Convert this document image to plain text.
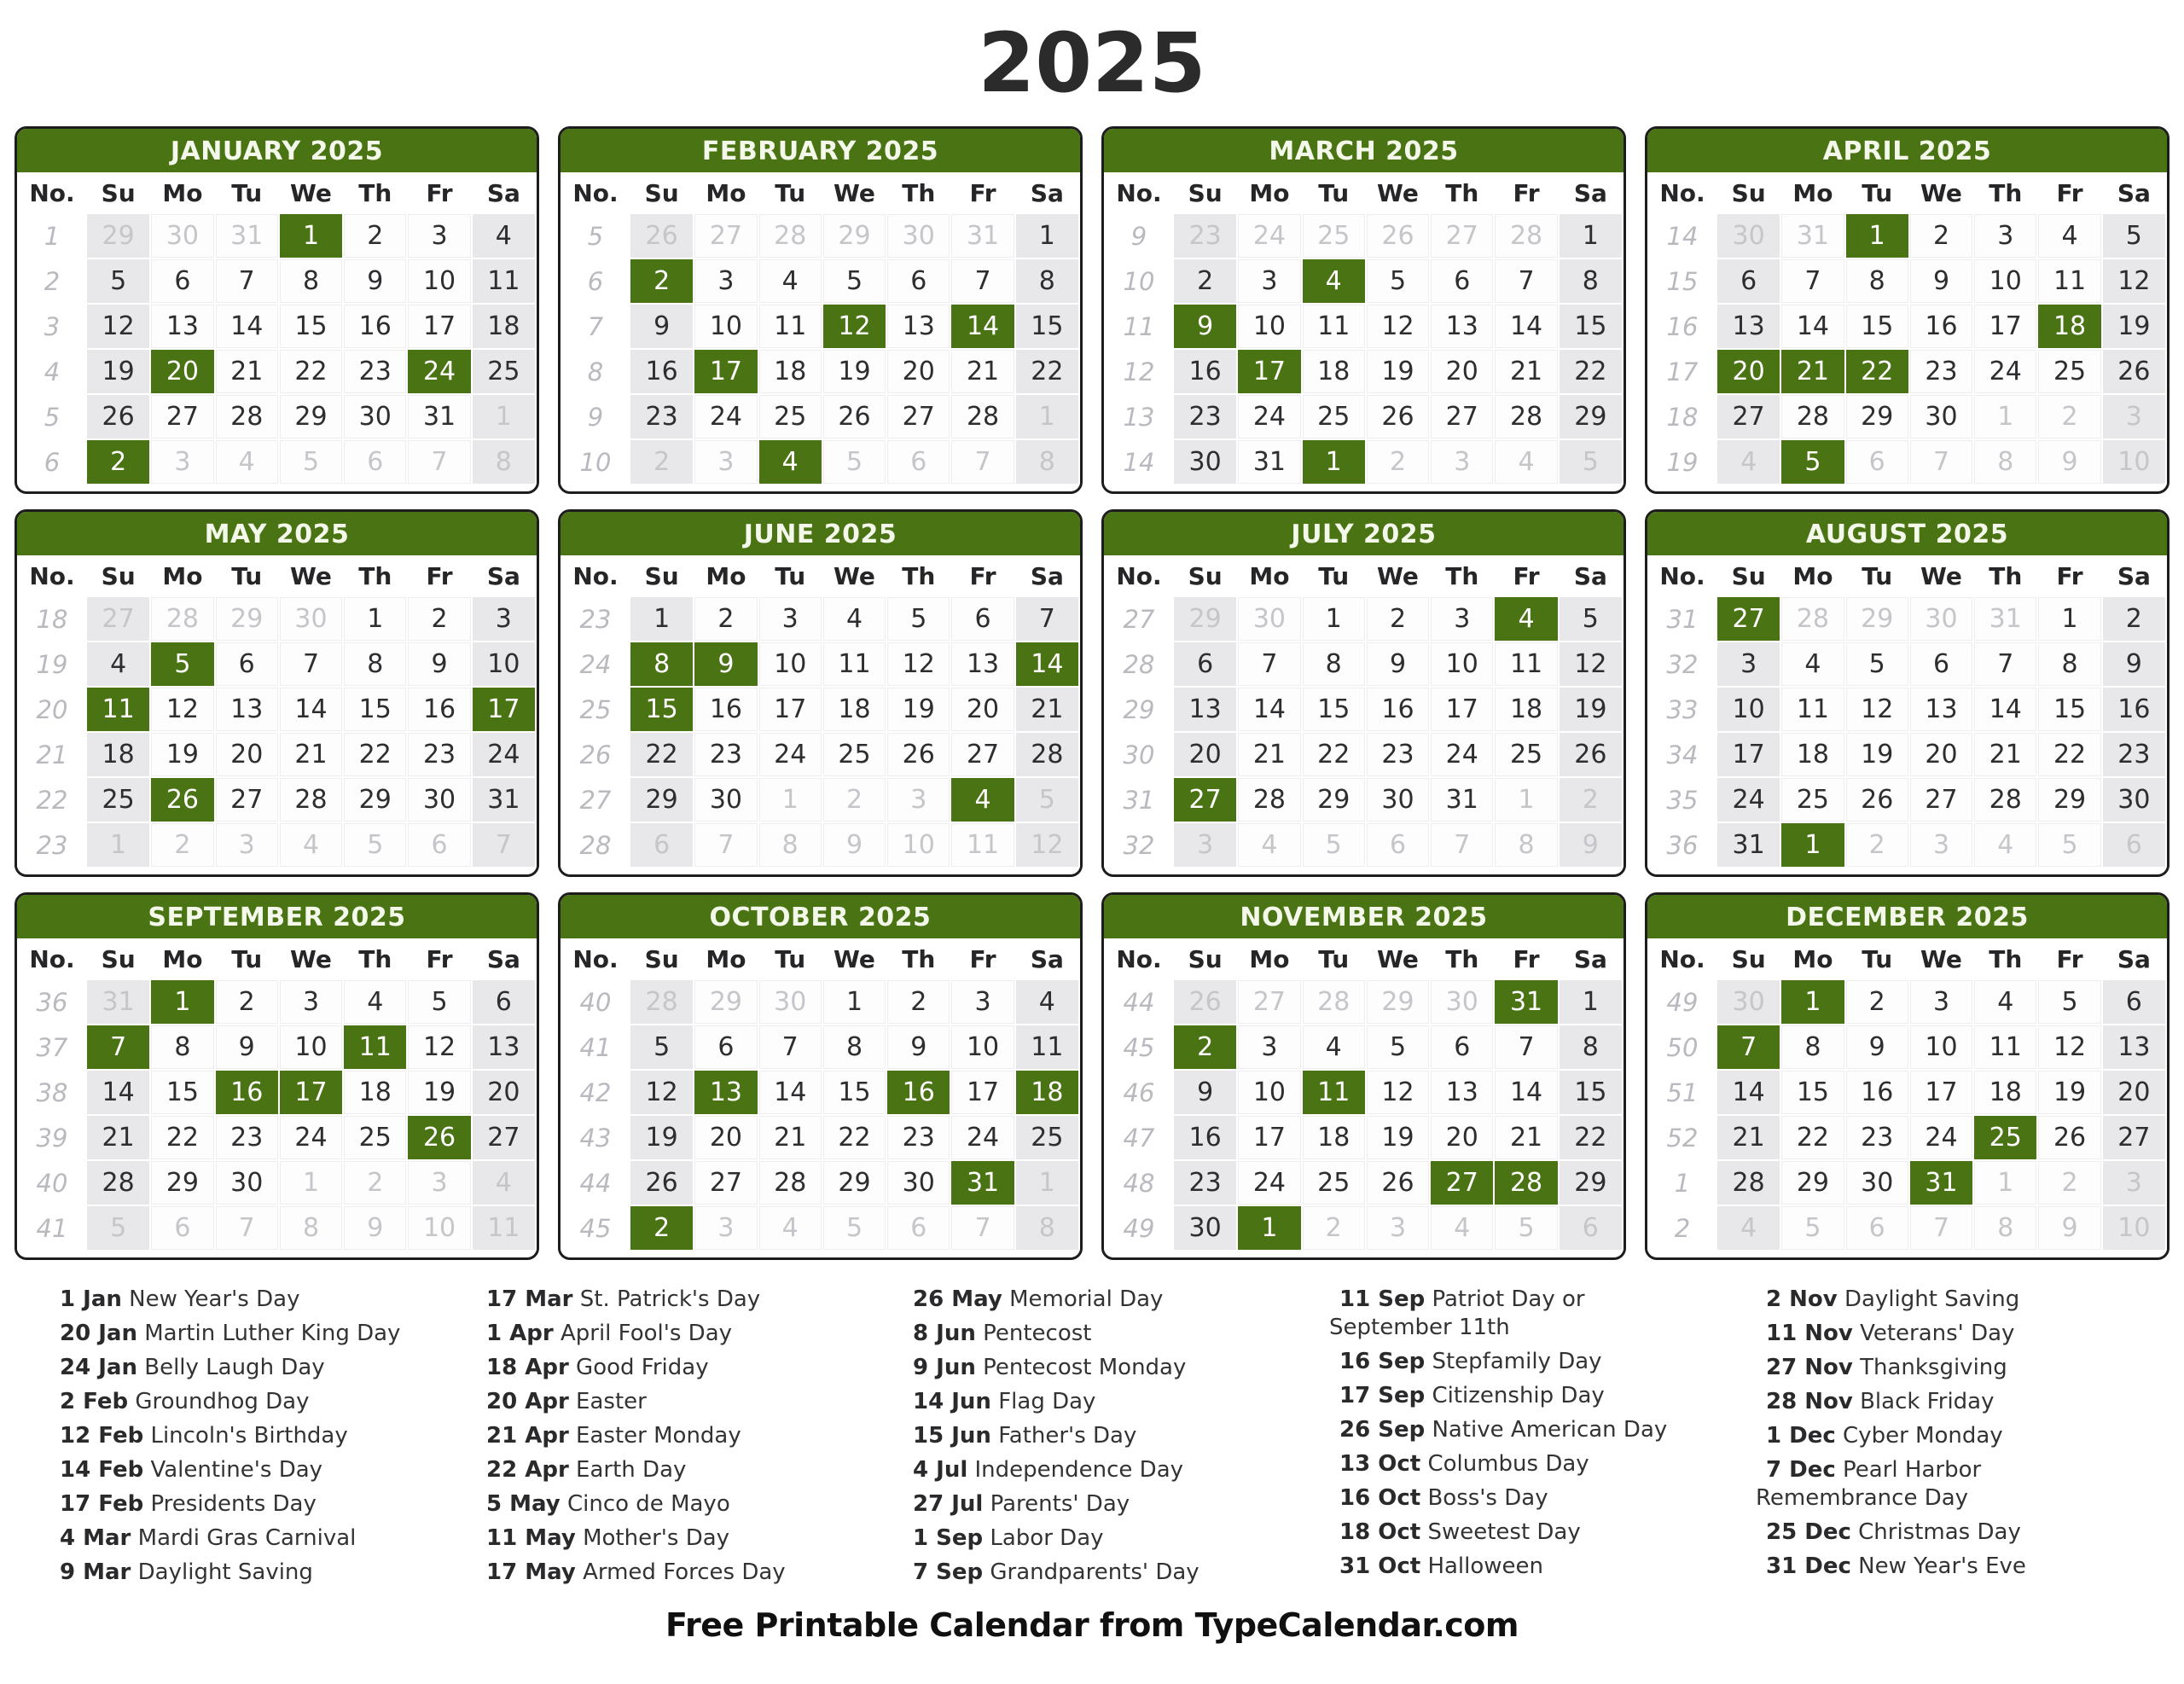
2025
JANUARY 2025
No.	Su	Mo	Tu	We	Th	Fr	Sa
1	29	30	31	1	2	3	4
2	5	6	7	8	9	10	11
3	12	13	14	15	16	17	18
4	19	20	21	22	23	24	25
5	26	27	28	29	30	31	1
6	2	3	4	5	6	7	8
FEBRUARY 2025
No.	Su	Mo	Tu	We	Th	Fr	Sa
5	26	27	28	29	30	31	1
6	2	3	4	5	6	7	8
7	9	10	11	12	13	14	15
8	16	17	18	19	20	21	22
9	23	24	25	26	27	28	1
10	2	3	4	5	6	7	8
MARCH 2025
No.	Su	Mo	Tu	We	Th	Fr	Sa
9	23	24	25	26	27	28	1
10	2	3	4	5	6	7	8
11	9	10	11	12	13	14	15
12	16	17	18	19	20	21	22
13	23	24	25	26	27	28	29
14	30	31	1	2	3	4	5
APRIL 2025
No.	Su	Mo	Tu	We	Th	Fr	Sa
14	30	31	1	2	3	4	5
15	6	7	8	9	10	11	12
16	13	14	15	16	17	18	19
17	20	21	22	23	24	25	26
18	27	28	29	30	1	2	3
19	4	5	6	7	8	9	10
MAY 2025
No.	Su	Mo	Tu	We	Th	Fr	Sa
18	27	28	29	30	1	2	3
19	4	5	6	7	8	9	10
20	11	12	13	14	15	16	17
21	18	19	20	21	22	23	24
22	25	26	27	28	29	30	31
23	1	2	3	4	5	6	7
JUNE 2025
No.	Su	Mo	Tu	We	Th	Fr	Sa
23	1	2	3	4	5	6	7
24	8	9	10	11	12	13	14
25	15	16	17	18	19	20	21
26	22	23	24	25	26	27	28
27	29	30	1	2	3	4	5
28	6	7	8	9	10	11	12
JULY 2025
No.	Su	Mo	Tu	We	Th	Fr	Sa
27	29	30	1	2	3	4	5
28	6	7	8	9	10	11	12
29	13	14	15	16	17	18	19
30	20	21	22	23	24	25	26
31	27	28	29	30	31	1	2
32	3	4	5	6	7	8	9
AUGUST 2025
No.	Su	Mo	Tu	We	Th	Fr	Sa
31	27	28	29	30	31	1	2
32	3	4	5	6	7	8	9
33	10	11	12	13	14	15	16
34	17	18	19	20	21	22	23
35	24	25	26	27	28	29	30
36	31	1	2	3	4	5	6
SEPTEMBER 2025
No.	Su	Mo	Tu	We	Th	Fr	Sa
36	31	1	2	3	4	5	6
37	7	8	9	10	11	12	13
38	14	15	16	17	18	19	20
39	21	22	23	24	25	26	27
40	28	29	30	1	2	3	4
41	5	6	7	8	9	10	11
OCTOBER 2025
No.	Su	Mo	Tu	We	Th	Fr	Sa
40	28	29	30	1	2	3	4
41	5	6	7	8	9	10	11
42	12	13	14	15	16	17	18
43	19	20	21	22	23	24	25
44	26	27	28	29	30	31	1
45	2	3	4	5	6	7	8
NOVEMBER 2025
No.	Su	Mo	Tu	We	Th	Fr	Sa
44	26	27	28	29	30	31	1
45	2	3	4	5	6	7	8
46	9	10	11	12	13	14	15
47	16	17	18	19	20	21	22
48	23	24	25	26	27	28	29
49	30	1	2	3	4	5	6
DECEMBER 2025
No.	Su	Mo	Tu	We	Th	Fr	Sa
49	30	1	2	3	4	5	6
50	7	8	9	10	11	12	13
51	14	15	16	17	18	19	20
52	21	22	23	24	25	26	27
1	28	29	30	31	1	2	3
2	4	5	6	7	8	9	10

1 Jan New Year's Day

20 Jan Martin Luther King Day

24 Jan Belly Laugh Day

2 Feb Groundhog Day

12 Feb Lincoln's Birthday

14 Feb Valentine's Day

17 Feb Presidents Day

4 Mar Mardi Gras Carnival

9 Mar Daylight Saving

17 Mar St. Patrick's Day

1 Apr April Fool's Day

18 Apr Good Friday

20 Apr Easter

21 Apr Easter Monday

22 Apr Earth Day

5 May Cinco de Mayo

11 May Mother's Day

17 May Armed Forces Day

26 May Memorial Day

8 Jun Pentecost

9 Jun Pentecost Monday

14 Jun Flag Day

15 Jun Father's Day

4 Jul Independence Day

27 Jul Parents' Day

1 Sep Labor Day

7 Sep Grandparents' Day

11 Sep Patriot Day or September 11th

16 Sep Stepfamily Day

17 Sep Citizenship Day

26 Sep Native American Day

13 Oct Columbus Day

16 Oct Boss's Day

18 Oct Sweetest Day

31 Oct Halloween

2 Nov Daylight Saving

11 Nov Veterans' Day

27 Nov Thanksgiving

28 Nov Black Friday

1 Dec Cyber Monday

7 Dec Pearl Harbor Remembrance Day

25 Dec Christmas Day

31 Dec New Year's Eve

Free Printable Calendar from TypeCalendar.com
